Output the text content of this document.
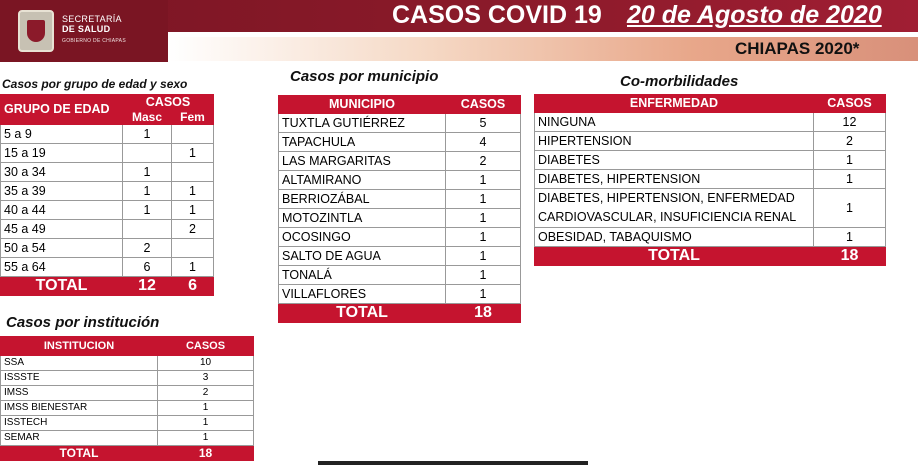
SECRETARÍA
DE SALUD
GOBIERNO DE CHIAPAS
CASOS COVID 19 20 de Agosto de 2020
CHIAPAS 2020*
Casos por grupo de edad y sexo	Casos por municipio	Co-morbilidades
Casos por institución
GRUPO DE EDAD	CASOS	
	Masc	Fem
5 a 9	1	
15 a 19		1
30 a 34	1	
35 a 39	1	1
40 a 44	1	1
45 a 49		2
50 a 54	2	
55 a 64	6	1
TOTAL	12	6
MUNICIPIO	CASOS
TUXTLA GUTIÉRREZ	5
TAPACHULA	4
LAS MARGARITAS	2
ALTAMIRANO	1
BERRIOZÁBAL	1
MOTOZINTLA	1
OCOSINGO	1
SALTO DE AGUA	1
TONALÁ	1
VILLAFLORES	1
TOTAL	18
ENFERMEDAD	CASOS
NINGUNA	12
HIPERTENSION	2
DIABETES	1
DIABETES, HIPERTENSION	1

DIABETES, HIPERTENSION, ENFERMEDAD
CARDIOVASCULAR, INSUFICIENCIA RENAL	1
OBESIDAD, TABAQUISMO	1
TOTAL	18
INSTITUCION	CASOS
SSA	10
ISSSTE	3
IMSS	2
IMSS BIENESTAR	1
ISSTECH	1
SEMAR	1
TOTAL	18
